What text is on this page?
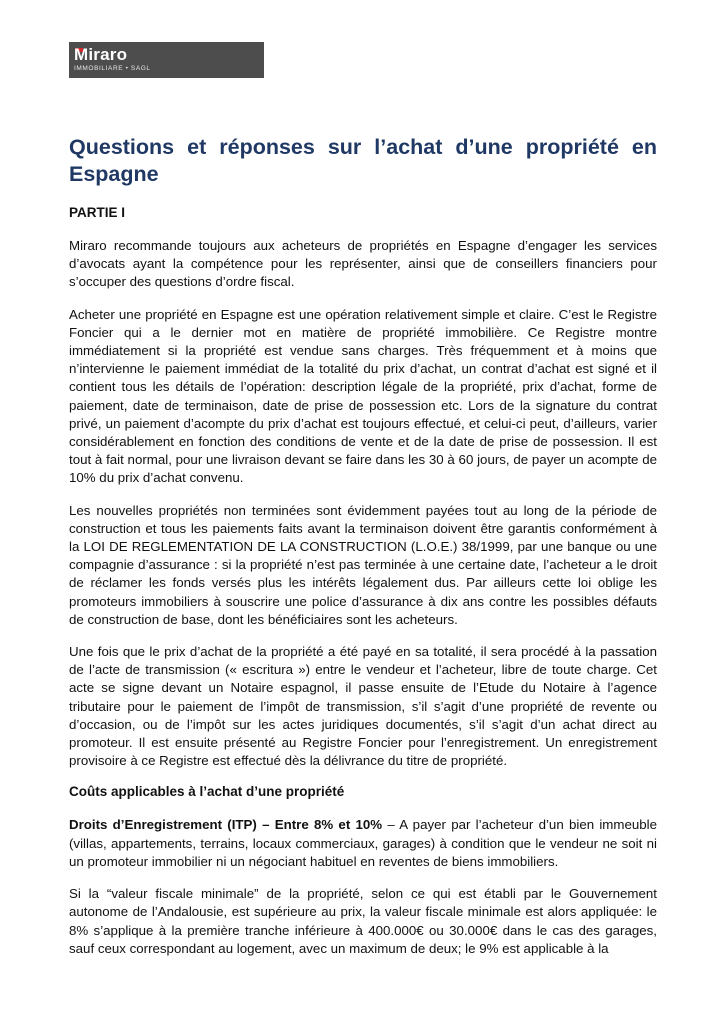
Miraro
IMMOBILIARE • SAGL
Questions et réponses sur l’achat d’une propriété en Espagne
PARTIE I

Miraro recommande toujours aux acheteurs de propriétés en Espagne d’engager les services d’avocats ayant la compétence pour les représenter, ainsi que de conseillers financiers pour s’occuper des questions d’ordre fiscal.

Acheter une propriété en Espagne est une opération relativement simple et claire. C’est le Registre Foncier qui a le dernier mot en matière de propriété immobilière. Ce Registre montre immédiatement si la propriété est vendue sans charges. Très fréquemment et à moins que n’intervienne le paiement immédiat de la totalité du prix d’achat, un contrat d’achat est signé et il contient tous les détails de l’opération: description légale de la propriété, prix d’achat, forme de paiement, date de terminaison, date de prise de possession etc. Lors de la signature du contrat privé, un paiement d’acompte du prix d’achat est toujours effectué, et celui-ci peut, d’ailleurs, varier considérablement en fonction des conditions de vente et de la date de prise de possession. Il est tout à fait normal, pour une livraison devant se faire dans les 30 à 60 jours, de payer un acompte de 10% du prix d’achat convenu.

Les nouvelles propriétés non terminées sont évidemment payées tout au long de la période de construction et tous les paiements faits avant la terminaison doivent être garantis conformément à la LOI DE REGLEMENTATION DE LA CONSTRUCTION (L.O.E.) 38/1999, par une banque ou une compagnie d’assurance : si la propriété n’est pas terminée à une certaine date, l’acheteur a le droit de réclamer les fonds versés plus les intérêts légalement dus. Par ailleurs cette loi oblige les promoteurs immobiliers à souscrire une police d’assurance à dix ans contre les possibles défauts de construction de base, dont les bénéficiaires sont les acheteurs.

Une fois que le prix d’achat de la propriété a été payé en sa totalité, il sera procédé à la passation de l’acte de transmission (« escritura ») entre le vendeur et l’acheteur, libre de toute charge. Cet acte se signe devant un Notaire espagnol, il passe ensuite de l’Etude du Notaire à l’agence tributaire pour le paiement de l’impôt de transmission, s’il s’agit d’une propriété de revente ou d’occasion, ou de l’impôt sur les actes juridiques documentés, s’il s’agit d’un achat direct au promoteur. Il est ensuite présenté au Registre Foncier pour l’enregistrement. Un enregistrement provisoire à ce Registre est effectué dès la délivrance du titre de propriété.

Coûts applicables à l’achat d’une propriété

Droits d’Enregistrement (ITP) – Entre 8% et 10% – A payer par l’acheteur d’un bien immeuble (villas, appartements, terrains, locaux commerciaux, garages) à condition que le vendeur ne soit ni un promoteur immobilier ni un négociant habituel en reventes de biens immobiliers.

Si la “valeur fiscale minimale” de la propriété, selon ce qui est établi par le Gouvernement autonome de l’Andalousie, est supérieure au prix, la valeur fiscale minimale est alors appliquée: le 8% s’applique à la première tranche inférieure à 400.000€ ou 30.000€ dans le cas des garages, sauf ceux correspondant au logement, avec un maximum de deux; le 9% est applicable à la
